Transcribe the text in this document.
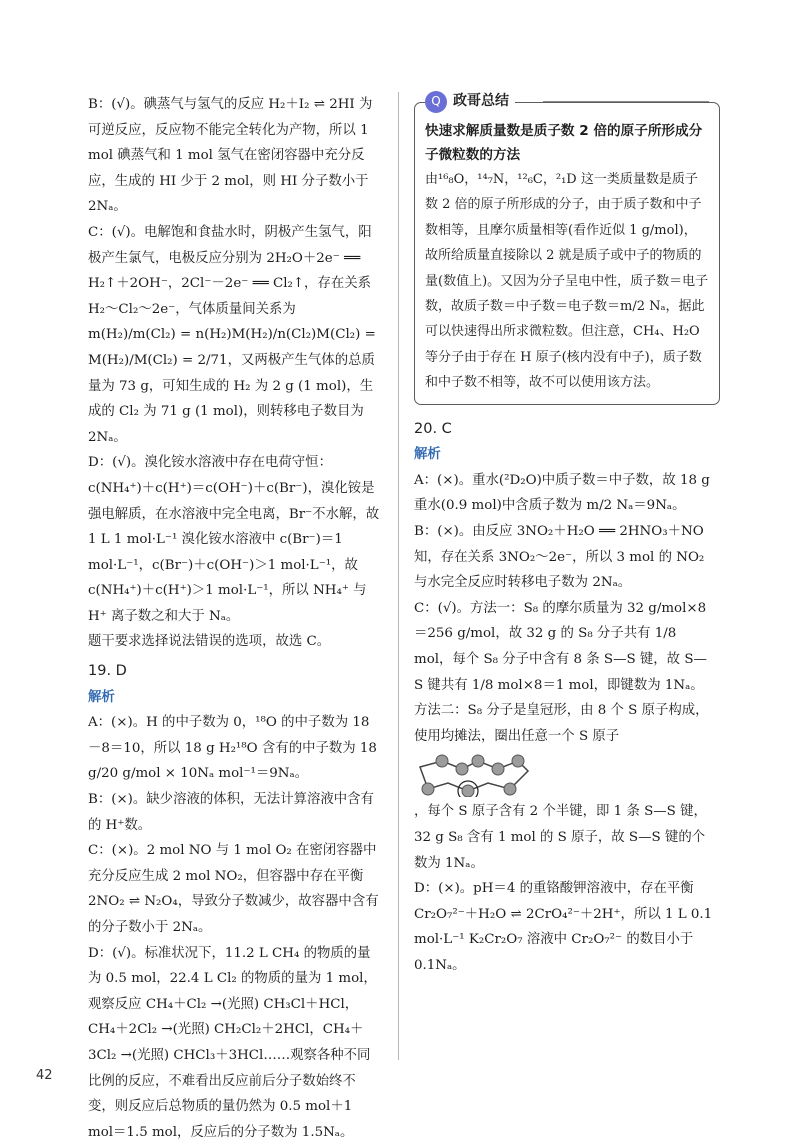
B：(√)。碘蒸气与氢气的反应 H₂＋I₂ ⇌ 2HI 为可逆反应，反应物不能完全转化为产物，所以 1 mol 碘蒸气和 1 mol 氢气在密闭容器中充分反应，生成的 HI 少于 2 mol，则 HI 分子数小于 2Nₐ。

C：(√)。电解饱和食盐水时，阴极产生氢气，阳极产生氯气，电极反应分别为 2H₂O＋2e⁻ ══ H₂↑＋2OH⁻，2Cl⁻－2e⁻ ══ Cl₂↑，存在关系 H₂～Cl₂～2e⁻，气体质量间关系为 m(H₂)/m(Cl₂) = n(H₂)M(H₂)/n(Cl₂)M(Cl₂) = M(H₂)/M(Cl₂) = 2/71，又两极产生气体的总质量为 73 g，可知生成的 H₂ 为 2 g (1 mol)，生成的 Cl₂ 为 71 g (1 mol)，则转移电子数目为 2Nₐ。

D：(√)。溴化铵水溶液中存在电荷守恒：c(NH₄⁺)＋c(H⁺)＝c(OH⁻)＋c(Br⁻)，溴化铵是强电解质，在水溶液中完全电离，Br⁻不水解，故 1 L 1 mol·L⁻¹ 溴化铵水溶液中 c(Br⁻)＝1 mol·L⁻¹，c(Br⁻)＋c(OH⁻)＞1 mol·L⁻¹，故 c(NH₄⁺)＋c(H⁺)＞1 mol·L⁻¹，所以 NH₄⁺ 与 H⁺ 离子数之和大于 Nₐ。

题干要求选择说法错误的选项，故选 C。

19. D

解析

A：(×)。H 的中子数为 0，¹⁸O 的中子数为 18－8＝10，所以 18 g H₂¹⁸O 含有的中子数为 18 g/20 g/mol × 10Nₐ mol⁻¹＝9Nₐ。

B：(×)。缺少溶液的体积，无法计算溶液中含有的 H⁺数。

C：(×)。2 mol NO 与 1 mol O₂ 在密闭容器中充分反应生成 2 mol NO₂，但容器中存在平衡 2NO₂ ⇌ N₂O₄，导致分子数减少，故容器中含有的分子数小于 2Nₐ。

D：(√)。标准状况下，11.2 L CH₄ 的物质的量为 0.5 mol，22.4 L Cl₂ 的物质的量为 1 mol，观察反应 CH₄＋Cl₂ →(光照) CH₃Cl＋HCl，CH₄＋2Cl₂ →(光照) CH₂Cl₂＋2HCl，CH₄＋3Cl₂ →(光照) CHCl₃＋3HCl……观察各种不同比例的反应，不难看出反应前后分子数始终不变，则反应后总物质的量仍然为 0.5 mol＋1 mol＝1.5 mol，反应后的分子数为 1.5Nₐ。

Q 政哥总结

快速求解质量数是质子数 2 倍的原子所形成分子微粒数的方法

由¹⁶₈O，¹⁴₇N，¹²₆C，²₁D 这一类质量数是质子数 2 倍的原子所形成的分子，由于质子数和中子数相等，且摩尔质量相等(看作近似 1 g/mol)，故所给质量直接除以 2 就是质子或中子的物质的量(数值上)。又因为分子呈电中性，质子数＝电子数，故质子数＝中子数＝电子数＝m/2 Nₐ，据此可以快速得出所求微粒数。但注意，CH₄、H₂O 等分子由于存在 H 原子(核内没有中子)，质子数和中子数不相等，故不可以使用该方法。

20. C

解析

A：(×)。重水(²D₂O)中质子数＝中子数，故 18 g 重水(0.9 mol)中含质子数为 m/2 Nₐ＝9Nₐ。

B：(×)。由反应 3NO₂＋H₂O ══ 2HNO₃＋NO 知，存在关系 3NO₂～2e⁻，所以 3 mol 的 NO₂ 与水完全反应时转移电子数为 2Nₐ。

C：(√)。方法一：S₈ 的摩尔质量为 32 g/mol×8＝256 g/mol，故 32 g 的 S₈ 分子共有 1/8 mol，每个 S₈ 分子中含有 8 条 S—S 键，故 S—S 键共有 1/8 mol×8＝1 mol，即键数为 1Nₐ。

方法二：S₈ 分子是皇冠形，由 8 个 S 原子构成，使用均摊法，圈出任意一个 S 原子

，每个 S 原子含有 2 个半键，即 1 条 S—S 键，32 g S₈ 含有 1 mol 的 S 原子，故 S—S 键的个数为 1Nₐ。

D：(×)。pH＝4 的重铬酸钾溶液中，存在平衡 Cr₂O₇²⁻＋H₂O ⇌ 2CrO₄²⁻＋2H⁺，所以 1 L 0.1 mol·L⁻¹ K₂Cr₂O₇ 溶液中 Cr₂O₇²⁻ 的数目小于 0.1Nₐ。

42
